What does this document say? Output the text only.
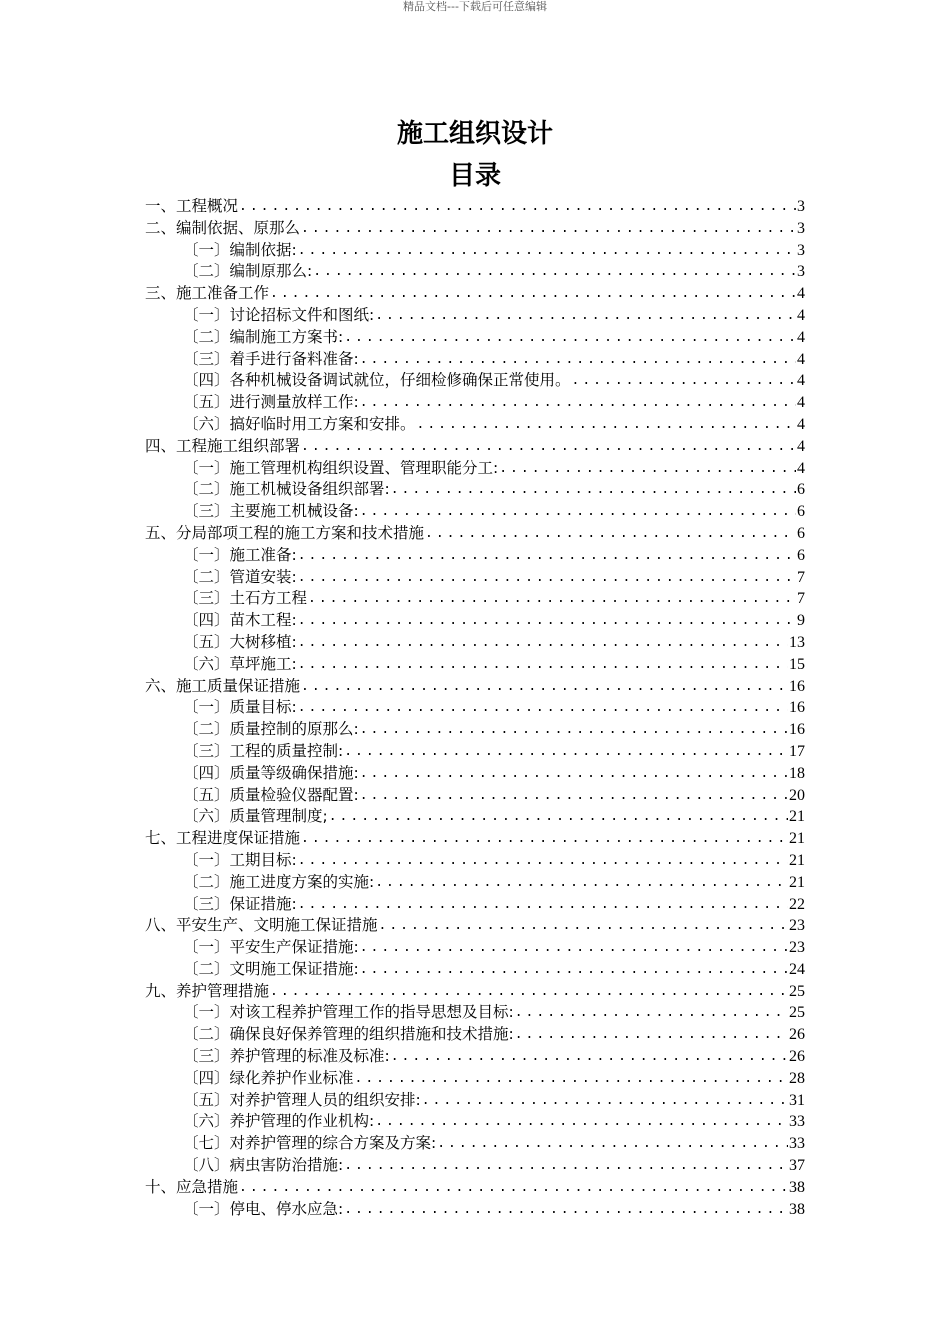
精品文档---下载后可任意编辑
施工组织设计
目录
一、工程概况 .....	3
二、编制依据、原那么 .....	3
〔一〕编制依据: .....	3
〔二〕编制原那么: .....	3
三、施工准备工作 .....	4
〔一〕讨论招标文件和图纸: .....	4
〔二〕编制施工方案书: .....	4
〔三〕着手进行备料准备: .....	4
〔四〕各种机械设备调试就位，仔细检修确保正常使用。 .....	4
〔五〕进行测量放样工作: .....	4
〔六〕搞好临时用工方案和安排。 .....	4
四、工程施工组织部署 .....	4
〔一〕施工管理机构组织设置、管理职能分工: .....	4
〔二〕施工机械设备组织部署: .....	6
〔三〕主要施工机械设备: .....	6
五、分局部项工程的施工方案和技术措施 .....	6
〔一〕施工准备: .....	6
〔二〕管道安装: .....	7
〔三〕土石方工程 .....	7
〔四〕苗木工程: .....	9
〔五〕大树移植: .....	13
〔六〕草坪施工: .....	15
六、施工质量保证措施 .....	16
〔一〕质量目标: .....	16
〔二〕质量控制的原那么: .....	16
〔三〕工程的质量控制: .....	17
〔四〕质量等级确保措施: .....	18
〔五〕质量检验仪器配置: .....	20
〔六〕质量管理制度; .....	21
七、工程进度保证措施 .....	21
〔一〕工期目标: .....	21
〔二〕施工进度方案的实施: .....	21
〔三〕保证措施: .....	22
八、平安生产、文明施工保证措施 .....	23
〔一〕平安生产保证措施: .....	23
〔二〕文明施工保证措施: .....	24
九、养护管理措施 .....	25
〔一〕对该工程养护管理工作的指导思想及目标: .....	25
〔二〕确保良好保养管理的组织措施和技术措施: .....	26
〔三〕养护管理的标准及标准: .....	26
〔四〕绿化养护作业标准 .....	28
〔五〕对养护管理人员的组织安排: .....	31
〔六〕养护管理的作业机构: .....	33
〔七〕对养护管理的综合方案及方案: .....	33
〔八〕病虫害防治措施: .....	37
十、应急措施 .....	38
〔一〕停电、停水应急: .....	38
